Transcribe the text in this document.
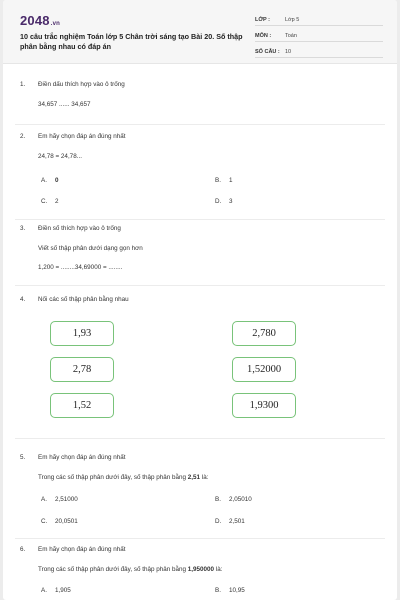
2048.vn
10 câu trắc nghiệm Toán lớp 5 Chân trời sáng tạo Bài 20. Số thập phân bằng nhau có đáp án
LỚP :	Lớp 5
MÔN :	Toán
SỐ CÂU : 10
1. Điền dấu thích hợp vào ô trống
34,657 ...... 34,657
2. Em hãy chọn đáp án đúng nhất
24,78 = 24,78...
A. 0	B. 1
C. 2	D. 3
3. Điền số thích hợp vào ô trống
Viết số thập phân dưới dạng gọn hơn
1,200 = ........34,69000 = ........
4. Nối các số thập phân bằng nhau
1,93
2,78
1,52
2,780
1,52000
1,9300
5. Em hãy chọn đáp án đúng nhất
Trong các số thập phân dưới đây, số thập phân bằng 2,51 là:
A. 2,51000	B. 2,05010
C. 20,0501	D. 2,501
6. Em hãy chọn đáp án đúng nhất
Trong các số thập phân dưới đây, số thập phân bằng 1,950000 là:
A. 1,905	B. 10,95
